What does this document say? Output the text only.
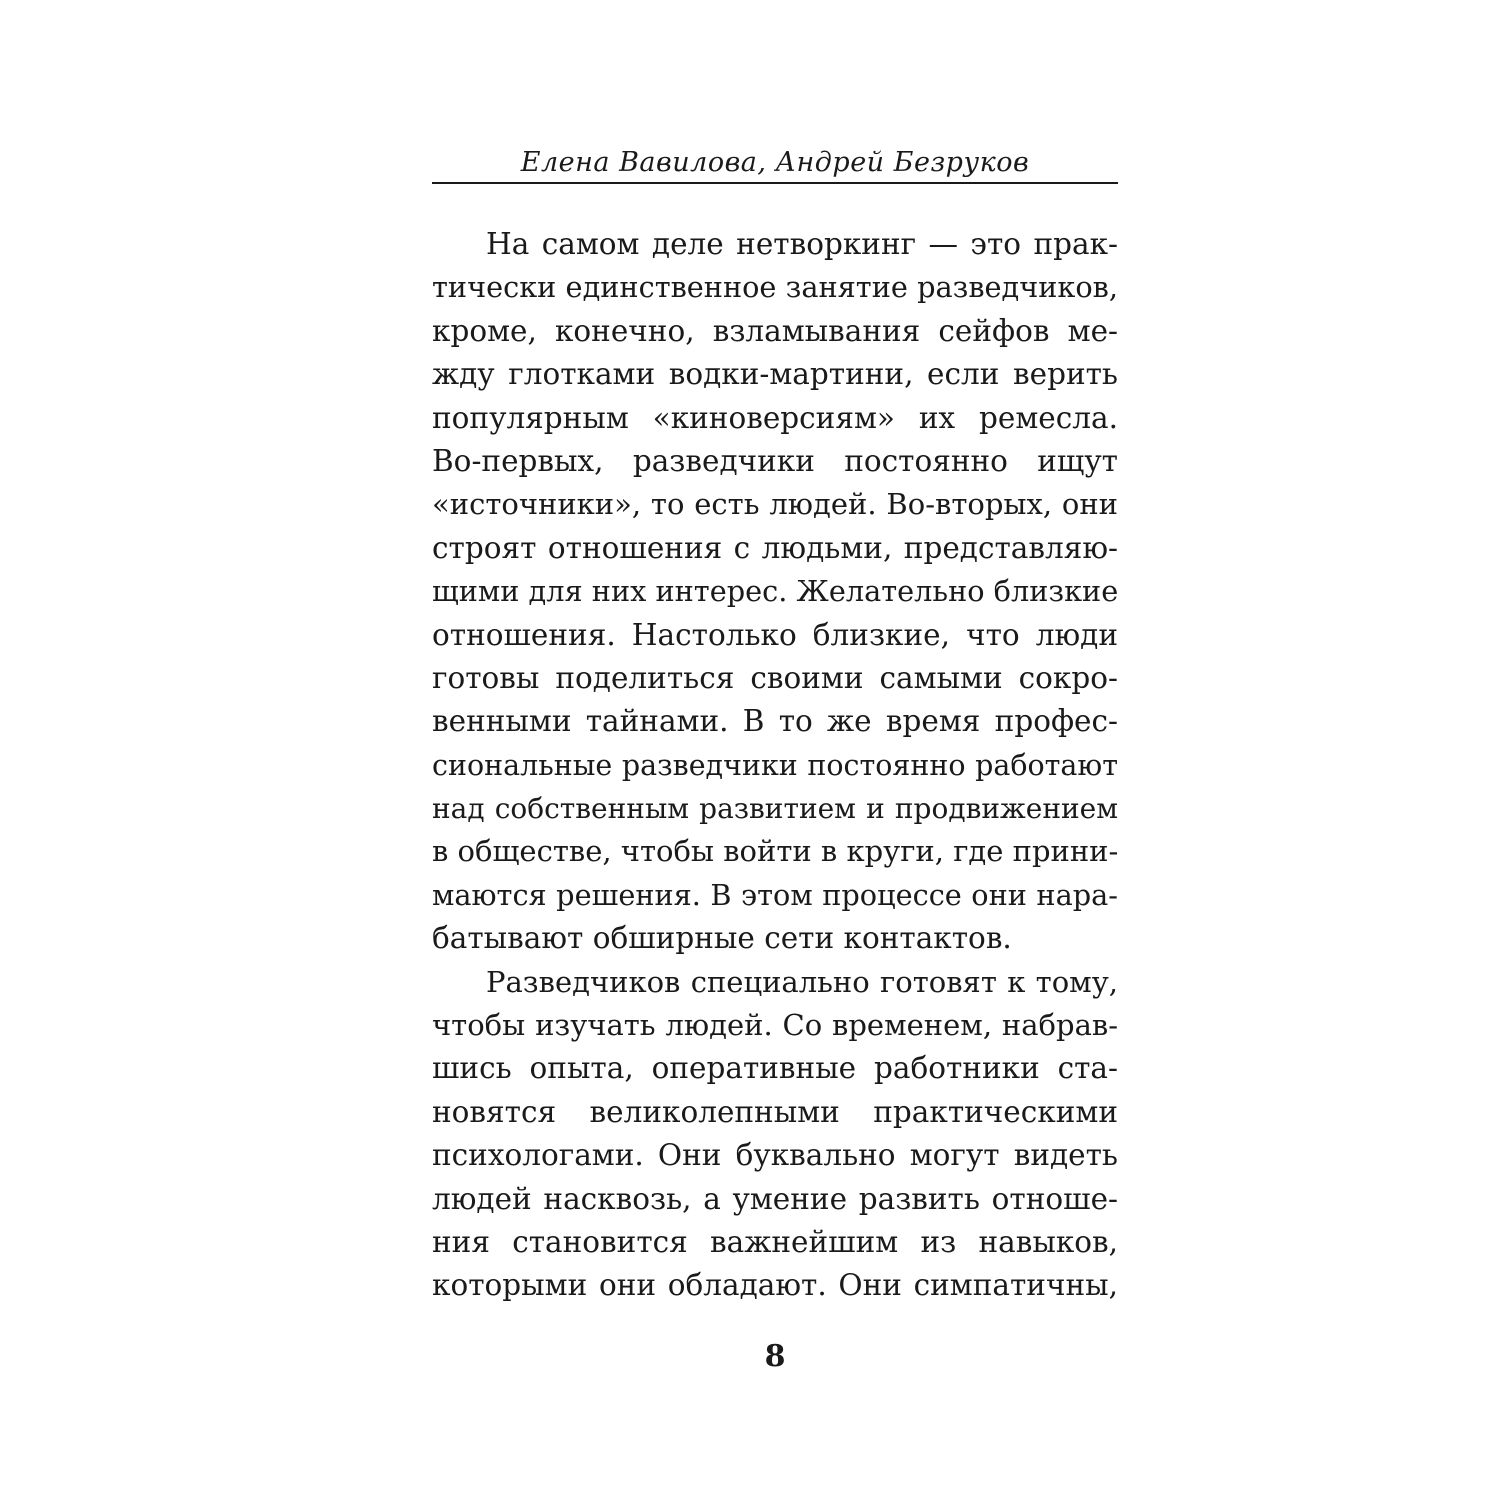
Елена Вавилова, Андрей Безруков
На самом деле нетворкинг — это прак-
тически единственное занятие разведчиков,
кроме, конечно, взламывания сейфов ме-
жду глотками водки-мартини, если верить
популярным «киноверсиям» их ремесла.
Во-первых, разведчики постоянно ищут
«источники», то есть людей. Во-вторых, они
строят отношения с людьми, представляю-
щими для них интерес. Желательно близкие
отношения. Настолько близкие, что люди
готовы поделиться своими самыми сокро-
венными тайнами. В то же время профес-
сиональные разведчики постоянно работают
над собственным развитием и продвижением
в обществе, чтобы войти в круги, где прини-
маются решения. В этом процессе они нара-
батывают обширные сети контактов.
Разведчиков специально готовят к тому,
чтобы изучать людей. Со временем, набрав-
шись опыта, оперативные работники ста-
новятся великолепными практическими
психологами. Они буквально могут видеть
людей насквозь, а умение развить отноше-
ния становится важнейшим из навыков,
которыми они обладают. Они симпатичны,
8
